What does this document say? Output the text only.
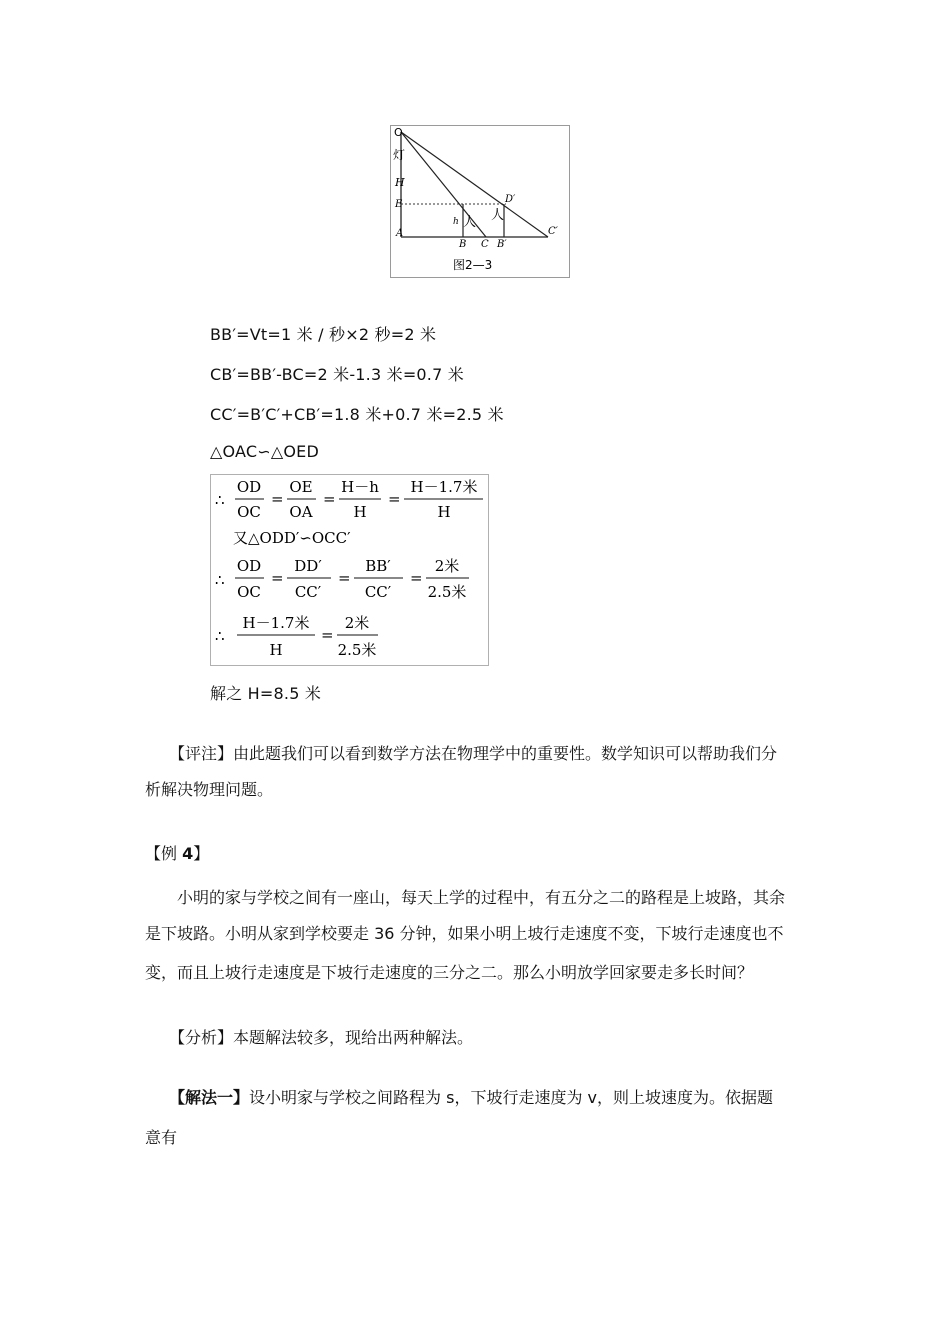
O
灯
H
E
A
h 人 人
D′
B C B′
C′
图2—3
BB′=Vt=1 米 / 秒×2 秒=2 米
CB′=BB′-BC=2 米-1.3 米=0.7 米
CC′=B′C′+CB′=1.8 米+0.7 米=2.5 米
△OAC∽△OED
∴
OD
OC
=
OE
OA
=
H－h
H
=
H－1.7米
H
又△ODD′∽OCC′
∴
OD
OC
=
DD′
CC′
=
BB′
CC′
=
2米
2.5米
∴
H－1.7米
H
=
2米
2.5米
解之 H=8.5 米
【评注】由此题我们可以看到数学方法在物理学中的重要性。数学知识可以帮助我们分
析解决物理问题。
【例 4】
小明的家与学校之间有一座山，每天上学的过程中，有五分之二的路程是上坡路，其余
是下坡路。小明从家到学校要走 36 分钟，如果小明上坡行走速度不变，下坡行走速度也不
变，而且上坡行走速度是下坡行走速度的三分之二。那么小明放学回家要走多长时间？
【分析】本题解法较多，现给出两种解法。
【解法一】设小明家与学校之间路程为 s，下坡行走速度为 v，则上坡速度为。依据题
意有
